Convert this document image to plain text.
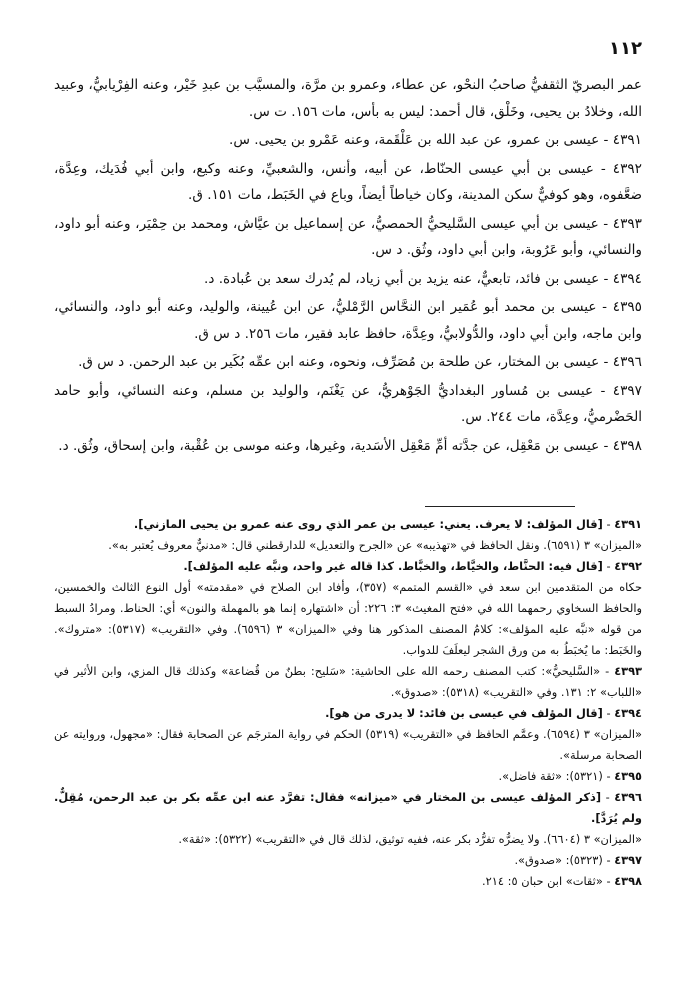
١١٢

عمر البصريّ الثقفيُّ صاحبُ النحْو، عن عطاء، وعمرو بن مرَّة، والمسيَّب بن عبدِ خَيْر، وعنه الفِرْيابيُّ، وعبيد الله، وخلادُ بن يحيى، وخَلْق، قال أحمد: ليس به بأس، مات ١٥٦. ت س.

٤٣٩١ - عيسى بن عمرو، عن عبد الله بن عَلْقَمة، وعنه عَمْرو بن يحيى. س.

٤٣٩٢ - عيسى بن أبي عيسى الحنّاط، عن أبيه، وأنس، والشعبيِّ، وعنه وكيع، وابن أبي فُدَيك، وعِدَّة، ضعَّفوه، وهو كوفيٌّ سكن المدينة، وكان خياطاً أيضاً، وباع في الخَبَط، مات ١٥١. ق.

٤٣٩٣ - عيسى بن أبي عيسى السَّليحيُّ الحمصيُّ، عن إسماعيل بن عيَّاش، ومحمد بن حِمْيَر، وعنه أبو داود، والنسائي، وأبو عَرُوبة، وابن أبي داود، وثُق. د س.

٤٣٩٤ - عيسى بن فائد، تابعيٌّ، عنه يزيد بن أبي زياد، لم يُدرك سعد بن عُبادة. د.

٤٣٩٥ - عيسى بن محمد أبو عُمَير ابن النحَّاس الرَّمْليُّ، عن ابن عُيينة، والوليد، وعنه أبو داود، والنسائي، وابن ماجه، وابن أبي داود، والدُّولابيُّ، وعِدَّة، حافظ عابد فقير، مات ٢٥٦. د س ق.

٤٣٩٦ - عيسى بن المختار، عن طلحة بن مُصَرِّف، ونحوه، وعنه ابن عمِّه بُكَير بن عبد الرحمن. د س ق.

٤٣٩٧ - عيسى بن مُساور البغداديُّ الجَوْهريُّ، عن يَغْنَم، والوليد بن مسلم، وعنه النسائي، وأبو حامد الحَضْرميُّ، وعِدَّة، مات ٢٤٤. س.

٤٣٩٨ - عيسى بن مَعْقِل، عن جدَّته أمِّ مَعْقِل الأسَدية، وغيرها، وعنه موسى بن عُقْبة، وابن إسحاق، وثُق. د.

٤٣٩١ - [قال المؤلف: لا يعرف. يعني: عيسى بن عمر الذي روى عنه عمرو بن يحيى المازني].

«الميزان» ٣ (٦٥٩١). ونقل الحافظ في «تهذيبه» عن «الجرح والتعديل» للدارقطني قال: «مدنيٌّ معروف يُعتبر به».

٤٣٩٢ - [قال فيه: الحنَّاط، والخيَّاط، والخبَّاط. كذا قاله غير واحد، ونبَّه عليه المؤلف].

حكاه من المتقدمين ابن سعد في «القسم المتمم» (٣٥٧)، وأفاد ابن الصلاح في «مقدمته» أول النوع الثالث والخمسين، والحافظ السخاوي رحمهما الله في «فتح المغيث» ٣: ٢٢٦: أن «اشتهاره إنما هو بالمهملة والنون» أي: الحناط. ومرادُ السبط من قوله «نبَّه عليه المؤلف»: كلامُ المصنف المذكور هنا وفي «الميزان» ٣ (٦٥٩٦). وفي «التقريب» (٥٣١٧): «متروك». والخَبَط: ما يُخبَطُ به من ورق الشجر ليعلَفَ للدواب.

٤٣٩٣ - «السَّليحيُّ»: كتب المصنف رحمه الله على الحاشية: «سَليح: بطنٌ من قُضاعة» وكذلك قال المزي، وابن الأثير في «اللباب» ٢: ١٣١. وفي «التقريب» (٥٣١٨): «صدوق».

٤٣٩٤ - [قال المؤلف في عيسى بن فائد: لا يدرى من هو].

«الميزان» ٣ (٦٥٩٤). وعمَّم الحافظ في «التقريب» (٥٣١٩) الحكم في رواية المترجَم عن الصحابة فقال: «مجهول، وروايته عن الصحابة مرسلة».

٤٣٩٥ - (٥٣٢١): «ثقة فاضل».

٤٣٩٦ - [ذكر المؤلف عيسى بن المختار في «ميزانه» فقال: تفرَّد عنه ابن عمِّه بكر بن عبد الرحمن، مُقِلٌّ. ولم يُرَدَّ].

«الميزان» ٣ (٦٦٠٤). ولا يضرُّه تفرُّد بكر عنه، ففيه توثيق، لذلك قال في «التقريب» (٥٣٢٢): «ثقة».

٤٣٩٧ - (٥٣٢٣): «صدوق».

٤٣٩٨ - «ثقات» ابن حبان ٥: ٢١٤.
